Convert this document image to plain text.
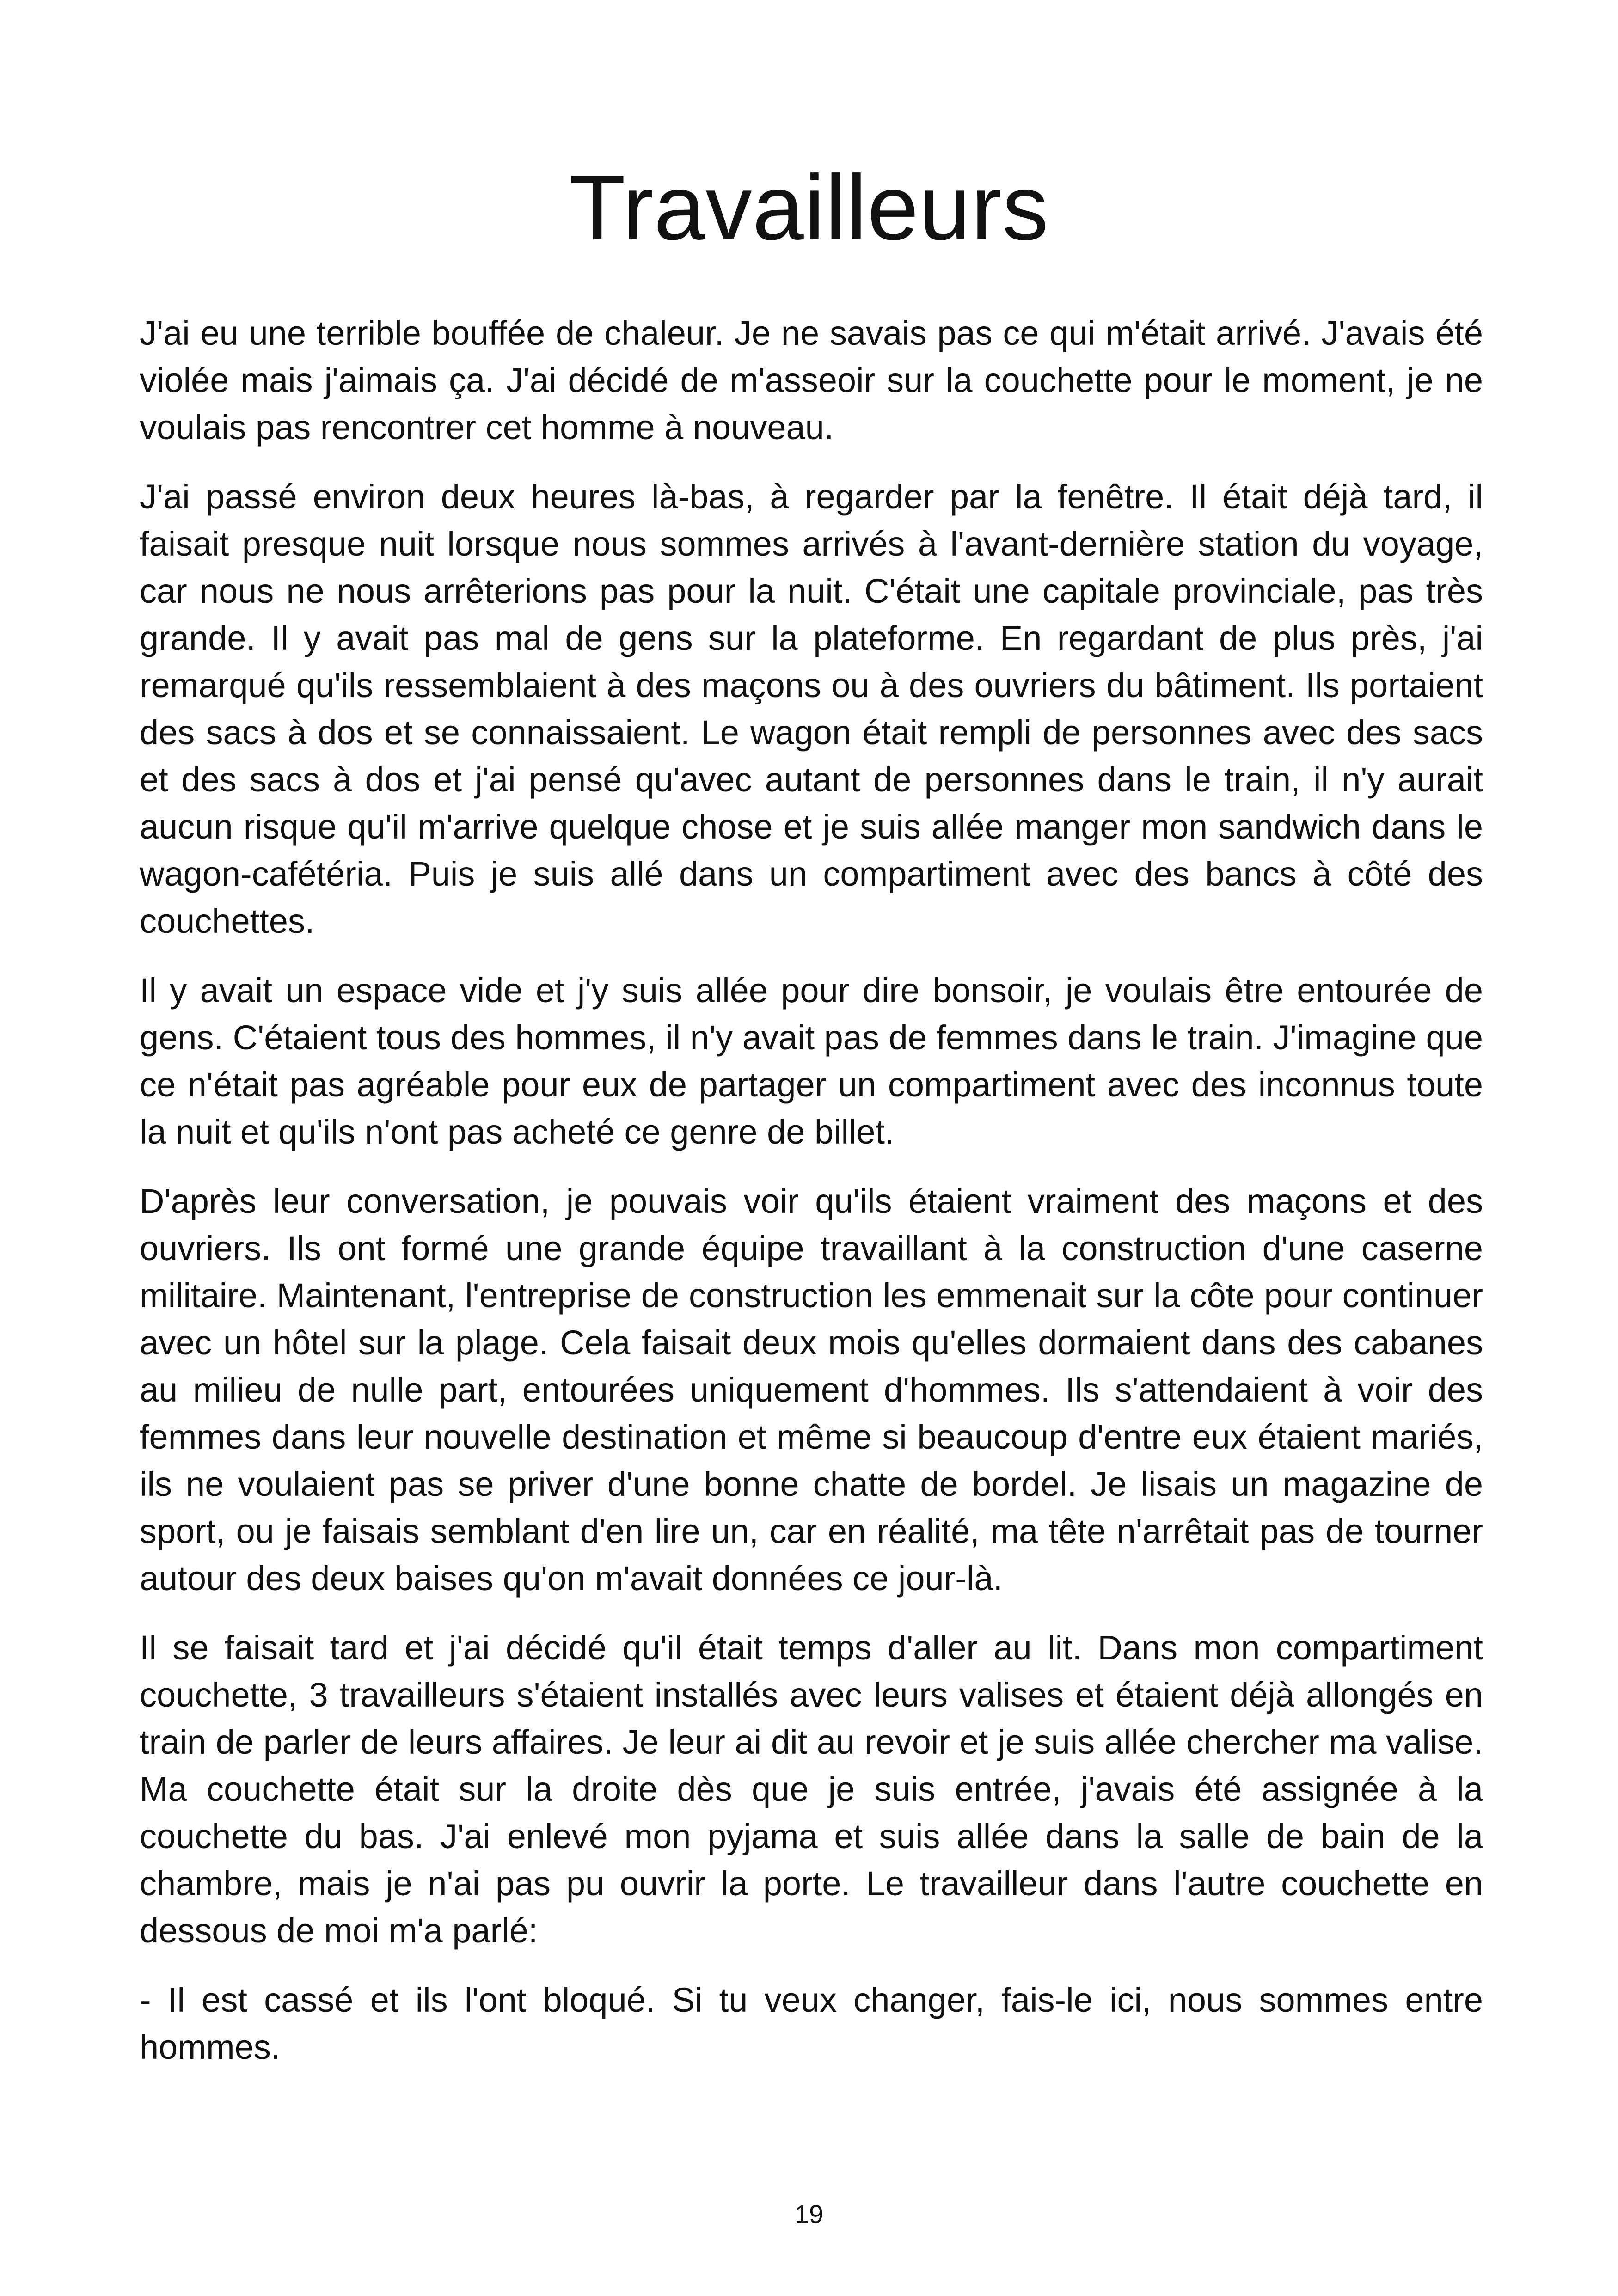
Travailleurs

J'ai eu une terrible bouffée de chaleur. Je ne savais pas ce qui m'était arrivé. J'avais été violée mais j'aimais ça. J'ai décidé de m'asseoir sur la couchette pour le moment, je ne voulais pas rencontrer cet homme à nouveau.

J'ai passé environ deux heures là-bas, à regarder par la fenêtre. Il était déjà tard, il faisait presque nuit lorsque nous sommes arrivés à l'avant-dernière station du voyage, car nous ne nous arrêterions pas pour la nuit. C'était une capitale provinciale, pas très grande. Il y avait pas mal de gens sur la plateforme. En regardant de plus près, j'ai remarqué qu'ils ressemblaient à des maçons ou à des ouvriers du bâtiment. Ils portaient des sacs à dos et se connaissaient. Le wagon était rempli de personnes avec des sacs et des sacs à dos et j'ai pensé qu'avec autant de personnes dans le train, il n'y aurait aucun risque qu'il m'arrive quelque chose et je suis allée manger mon sandwich dans le wagon-cafétéria. Puis je suis allé dans un compartiment avec des bancs à côté des couchettes.

Il y avait un espace vide et j'y suis allée pour dire bonsoir, je voulais être entourée de gens. C'étaient tous des hommes, il n'y avait pas de femmes dans le train. J'imagine que ce n'était pas agréable pour eux de partager un compartiment avec des inconnus toute la nuit et qu'ils n'ont pas acheté ce genre de billet.

D'après leur conversation, je pouvais voir qu'ils étaient vraiment des maçons et des ouvriers. Ils ont formé une grande équipe travaillant à la construction d'une caserne militaire. Maintenant, l'entreprise de construction les emmenait sur la côte pour continuer avec un hôtel sur la plage. Cela faisait deux mois qu'elles dormaient dans des cabanes au milieu de nulle part, entourées uniquement d'hommes. Ils s'attendaient à voir des femmes dans leur nouvelle destination et même si beaucoup d'entre eux étaient mariés, ils ne voulaient pas se priver d'une bonne chatte de bordel. Je lisais un magazine de sport, ou je faisais semblant d'en lire un, car en réalité, ma tête n'arrêtait pas de tourner autour des deux baises qu'on m'avait données ce jour-là.

Il se faisait tard et j'ai décidé qu'il était temps d'aller au lit. Dans mon compartiment couchette, 3 travailleurs s'étaient installés avec leurs valises et étaient déjà allongés en train de parler de leurs affaires. Je leur ai dit au revoir et je suis allée chercher ma valise. Ma couchette était sur la droite dès que je suis entrée, j'avais été assignée à la couchette du bas. J'ai enlevé mon pyjama et suis allée dans la salle de bain de la chambre, mais je n'ai pas pu ouvrir la porte. Le travailleur dans l'autre couchette en dessous de moi m'a parlé:

- Il est cassé et ils l'ont bloqué. Si tu veux changer, fais-le ici, nous sommes entre hommes.

19
